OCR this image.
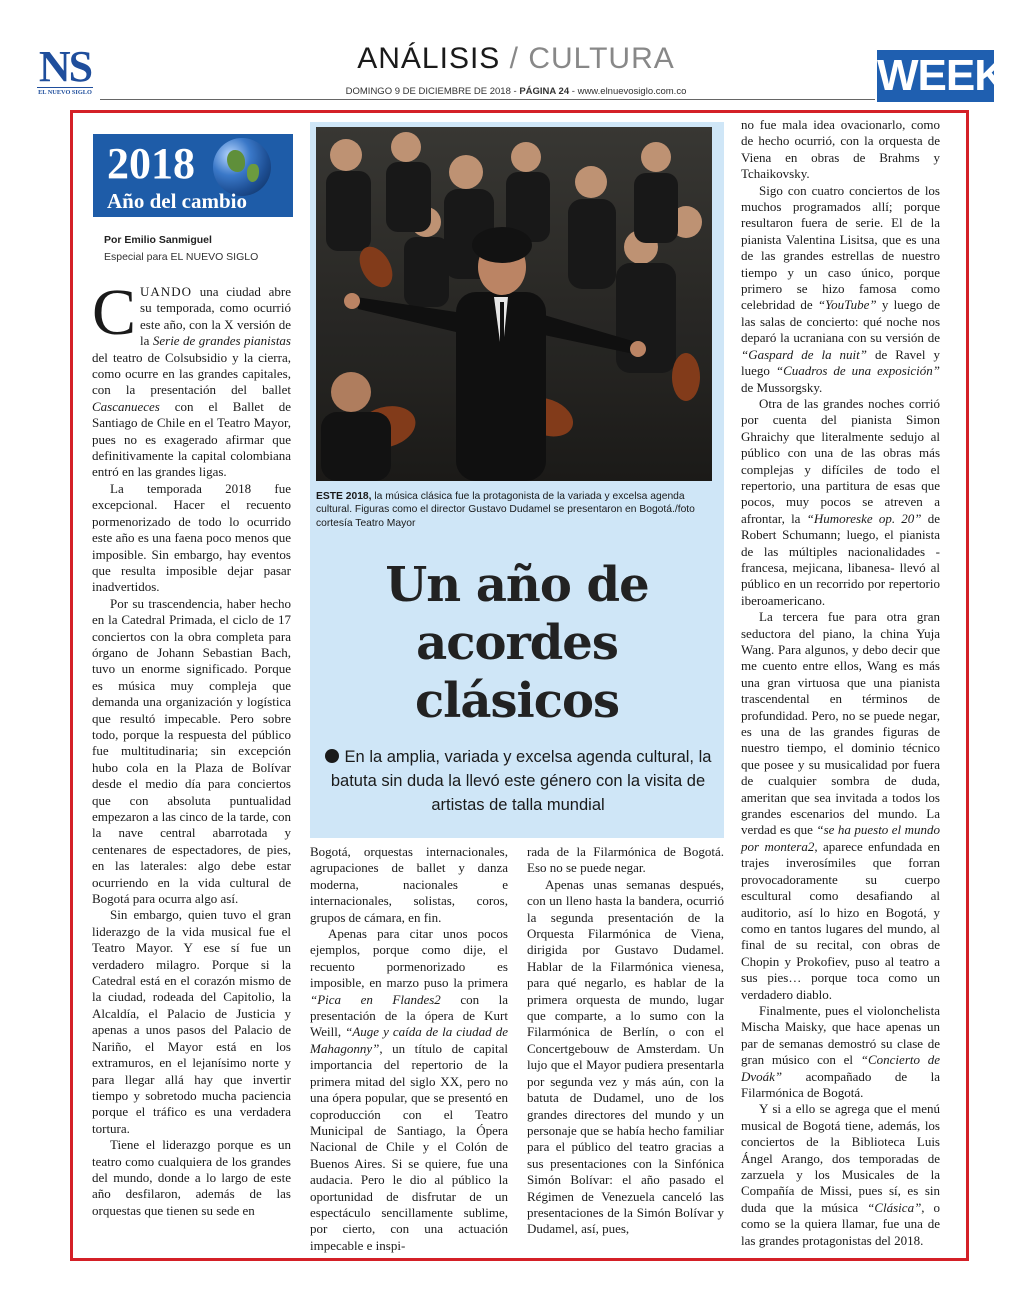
NS
EL NUEVO SIGLO
ANÁLISIS / CULTURA
DOMINGO 9 DE DICIEMBRE DE 2018 - PÁGINA 24 - www.elnuevosiglo.com.co	WEEK
2018
Año del cambio
Por Emilio Sanmiguel
Especial para EL NUEVO SIGLO

CUANDO una ciudad abre su temporada, como ocurrió este año, con la X versión de la Serie de grandes pianistas del teatro de Colsubsidio y la cierra, como ocurre en las grandes capitales, con la presentación del ballet Cascanueces con el Ballet de Santiago de Chile en el Teatro Mayor, pues no es exagerado afirmar que definitivamente la capital colombiana entró en las grandes ligas.

La temporada 2018 fue excepcional. Hacer el recuento pormenorizado de todo lo ocurrido este año es una faena poco menos que imposible. Sin embargo, hay eventos que resulta imposible dejar pasar inadvertidos.

Por su trascendencia, haber hecho en la Catedral Primada, el ciclo de 17 conciertos con la obra completa para órgano de Johann Sebastian Bach, tuvo un enorme significado. Porque es música muy compleja que demanda una organización y logística que resultó impecable. Pero sobre todo, porque la respuesta del público fue multitudinaria; sin excepción hubo cola en la Plaza de Bolívar desde el medio día para conciertos que con absoluta puntualidad empezaron a las cinco de la tarde, con la nave central abarrotada y centenares de espectadores, de pies, en las laterales: algo debe estar ocurriendo en la vida cultural de Bogotá para ocurra algo así.

Sin embargo, quien tuvo el gran liderazgo de la vida musical fue el Teatro Mayor. Y ese sí fue un verdadero milagro. Porque si la Catedral está en el corazón mismo de la ciudad, rodeada del Capitolio, la Alcaldía, el Palacio de Justicia y apenas a unos pasos del Palacio de Nariño, el Mayor está en los extramuros, en el lejanísimo norte y para llegar allá hay que invertir tiempo y sobretodo mucha paciencia porque el tráfico es una verdadera tortura.

Tiene el liderazgo porque es un teatro como cualquiera de los grandes del mundo, donde a lo largo de este año desfilaron, además de las orquestas que tienen su sede en

ESTE 2018, la música clásica fue la protagonista de la variada y excelsa agenda cultural. Figuras como el director Gustavo Dudamel se presentaron en Bogotá./foto cortesía Teatro Mayor
Un año de acordes clásicos
En la amplia, variada y excelsa agenda cultural, la batuta sin duda la llevó este género con la visita de artistas de talla mundial

Bogotá, orquestas internacionales, agrupaciones de ballet y danza moderna, nacionales e internacionales, solistas, coros, grupos de cámara, en fin.

Apenas para citar unos pocos ejemplos, porque como dije, el recuento pormenorizado es imposible, en marzo puso la primera “Pica en Flandes2 con la presentación de la ópera de Kurt Weill, “Auge y caída de la ciudad de Mahagonny”, un título de capital importancia del repertorio de la primera mitad del siglo XX, pero no una ópera popular, que se presentó en coproducción con el Teatro Municipal de Santiago, la Ópera Nacional de Chile y el Colón de Buenos Aires. Si se quiere, fue una audacia. Pero le dio al público la oportunidad de disfrutar de un espectáculo sencillamente sublime, por cierto, con una actuación impecable e inspi-

rada de la Filarmónica de Bogotá. Eso no se puede negar.

Apenas unas semanas después, con un lleno hasta la bandera, ocurrió la segunda presentación de la Orquesta Filarmónica de Viena, dirigida por Gustavo Dudamel. Hablar de la Filarmónica vienesa, para qué negarlo, es hablar de la primera orquesta de mundo, lugar que comparte, a lo sumo con la Filarmónica de Berlín, o con el Concertgebouw de Amsterdam. Un lujo que el Mayor pudiera presentarla por segunda vez y más aún, con la batuta de Dudamel, uno de los grandes directores del mundo y un personaje que se había hecho familiar para el público del teatro gracias a sus presentaciones con la Sinfónica Simón Bolívar: el año pasado el Régimen de Venezuela canceló las presentaciones de la Simón Bolívar y Dudamel, así, pues,

no fue mala idea ovacionarlo, como de hecho ocurrió, con la orquesta de Viena en obras de Brahms y Tchaikovsky.

Sigo con cuatro conciertos de los muchos programados allí; porque resultaron fuera de serie. El de la pianista Valentina Lisitsa, que es una de las grandes estrellas de nuestro tiempo y un caso único, porque primero se hizo famosa como celebridad de “YouTube” y luego de las salas de concierto: qué noche nos deparó la ucraniana con su versión de “Gaspard de la nuit” de Ravel y luego “Cuadros de una exposición” de Mussorgsky.

Otra de las grandes noches corrió por cuenta del pianista Simon Ghraichy que literalmente sedujo al público con una de las obras más complejas y difíciles de todo el repertorio, una partitura de esas que pocos, muy pocos se atreven a afrontar, la “Humoreske op. 20” de Robert Schumann; luego, el pianista de las múltiples nacionalidades -francesa, mejicana, libanesa- llevó al público en un recorrido por repertorio iberoamericano.

La tercera fue para otra gran seductora del piano, la china Yuja Wang. Para algunos, y debo decir que me cuento entre ellos, Wang es más una gran virtuosa que una pianista trascendental en términos de profundidad. Pero, no se puede negar, es una de las grandes figuras de nuestro tiempo, el dominio técnico que posee y su musicalidad por fuera de cualquier sombra de duda, ameritan que sea invitada a todos los grandes escenarios del mundo. La verdad es que “se ha puesto el mundo por montera2, aparece enfundada en trajes inverosímiles que forran provocadoramente su cuerpo escultural como desafiando al auditorio, así lo hizo en Bogotá, y como en tantos lugares del mundo, al final de su recital, con obras de Chopin y Prokofiev, puso al teatro a sus pies… porque toca como un verdadero diablo.

Finalmente, pues el violonchelista Mischa Maisky, que hace apenas un par de semanas demostró su clase de gran músico con el “Concierto de Dvoák” acompañado de la Filarmónica de Bogotá.

Y si a ello se agrega que el menú musical de Bogotá tiene, además, los conciertos de la Biblioteca Luis Ángel Arango, dos temporadas de zarzuela y los Musicales de la Compañía de Missi, pues sí, es sin duda que la música “Clásica”, o como se la quiera llamar, fue una de las grandes protagonistas del 2018.
